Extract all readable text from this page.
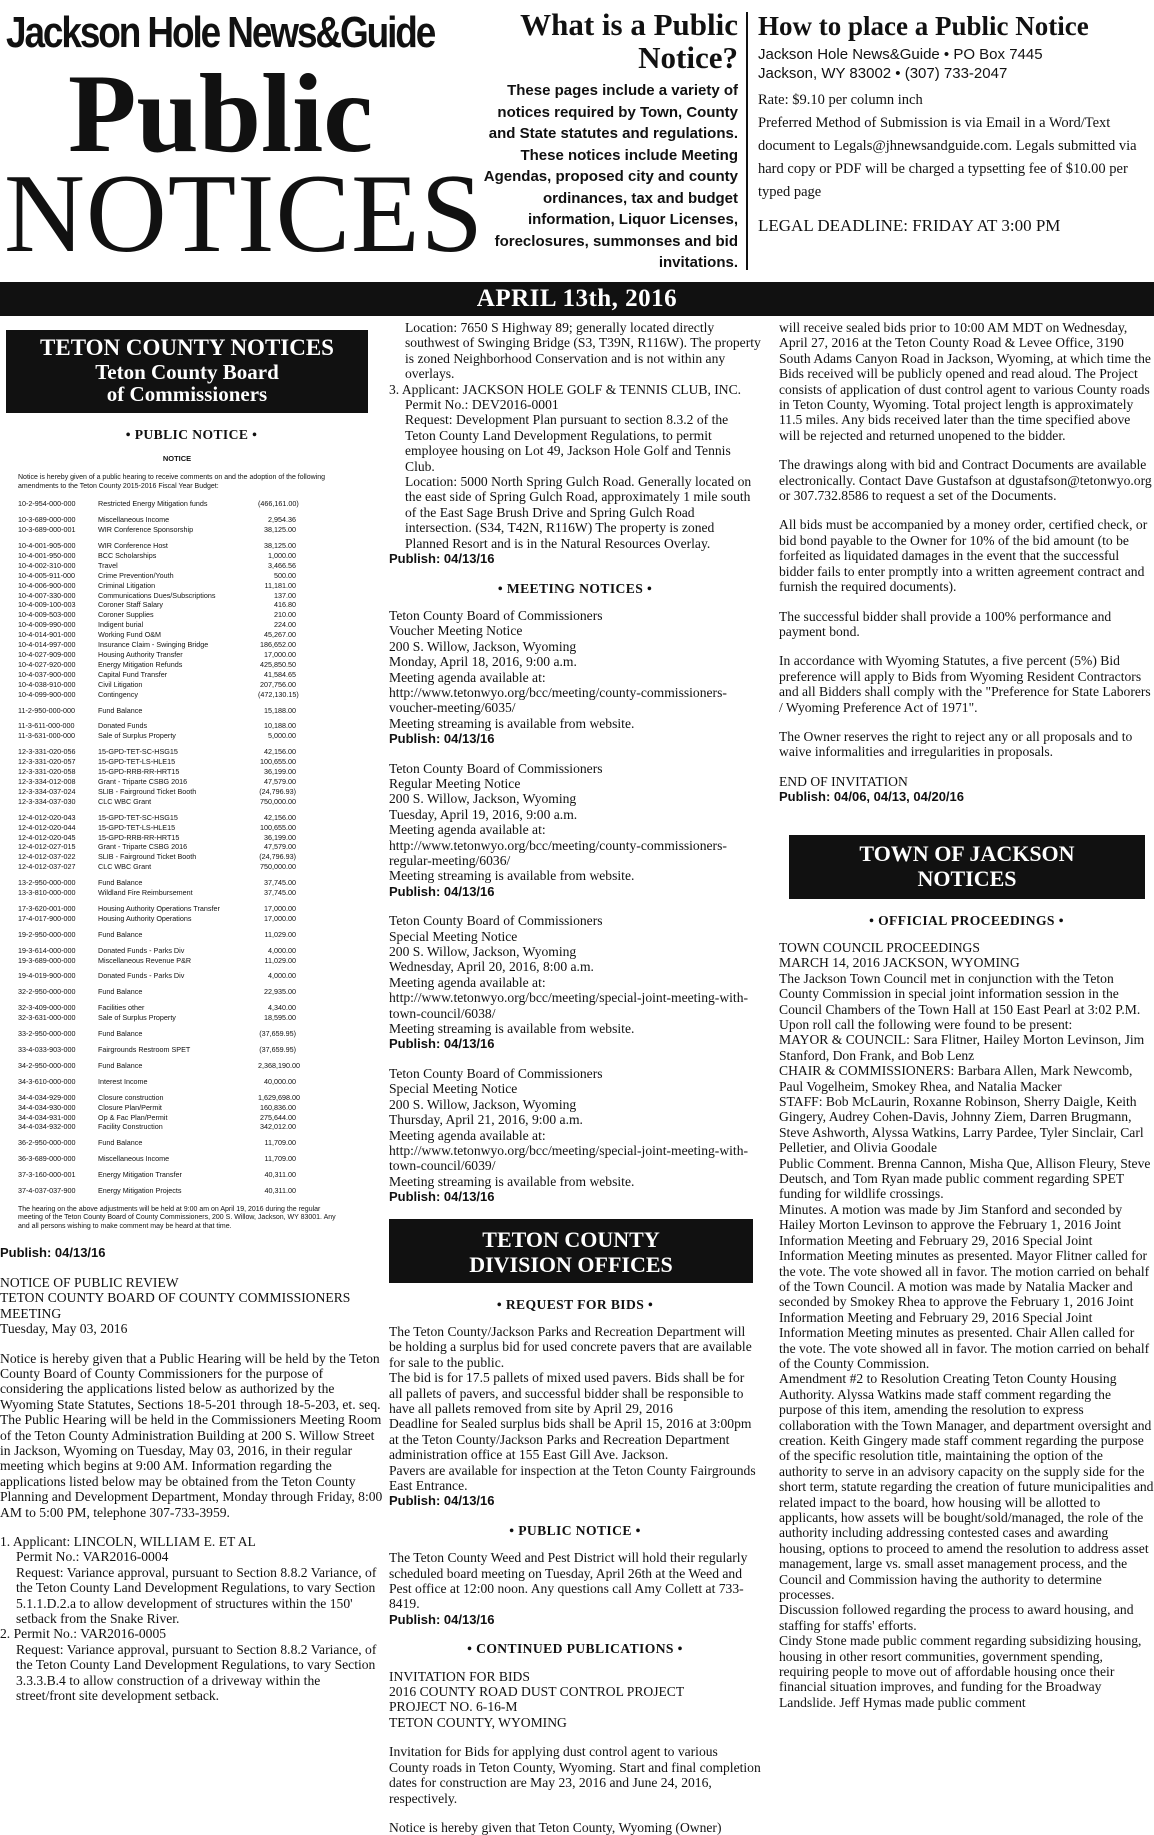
Jackson Hole News&Guide
Public
NOTICES
What is a Public Notice?
These pages include a variety of notices required by Town, County and State statutes and regulations. These notices include Meeting Agendas, proposed city and county ordinances, tax and budget information, Liquor Licenses, foreclosures, summonses and bid invitations.
How to place a Public Notice
Jackson Hole News&Guide • PO Box 7445
Jackson, WY 83002 • (307) 733-2047
Rate: $9.10 per column inch
Preferred Method of Submission is via Email in a Word/Text document to Legals@jhnewsandguide.com. Legals submitted via hard copy or PDF will be charged a typsetting fee of $10.00 per typed page
LEGAL DEADLINE: FRIDAY AT 3:00 PM
APRIL 13th, 2016
TETON COUNTY NOTICES
Teton County Board
of Commissioners
• PUBLIC NOTICE •
NOTICE
Notice is hereby given of a public hearing to receive comments on and the adoption of the following amendments to the Teton County 2015-2016 Fiscal Year Budget:
10-2-954-000-000	Restricted Energy Mitigation funds	(466,161.00)
10-3-689-000-000	Miscellaneous Income	2,954.36
10-3-689-000-001	WIR Conference Sponsorship	38,125.00
10-4-001-905-000	WIR Conference Host	38,125.00
10-4-001-950-000	BCC Scholarships	1,000.00
10-4-002-310-000	Travel	3,466.56
10-4-005-911-000	Crime Prevention/Youth	500.00
10-4-006-900-000	Criminal Litigation	11,181.00
10-4-007-330-000	Communications Dues/Subscriptions	137.00
10-4-009-100-003	Coroner Staff Salary	416.80
10-4-009-503-000	Coroner Supplies	210.00
10-4-009-990-000	Indigent burial	224.00
10-4-014-901-000	Working Fund O&M	45,267.00
10-4-014-997-000	Insurance Claim - Swinging Bridge	186,652.00
10-4-027-909-000	Housing Authority Transfer	17,000.00
10-4-027-920-000	Energy Mitigation Refunds	425,850.50
10-4-037-900-000	Capital Fund Transfer	41,584.65
10-4-038-910-000	Civil Litigation	207,756.00
10-4-099-900-000	Contingency	(472,130.15)
11-2-950-000-000	Fund Balance	15,188.00
11-3-611-000-000	Donated Funds	10,188.00
11-3-631-000-000	Sale of Surplus Property	5,000.00
12-3-331-020-056	15-GPD-TET-SC-HSG15	42,156.00
12-3-331-020-057	15-GPD-TET-LS-HLE15	100,655.00
12-3-331-020-058	15-GPD-RRB-RR-HRT15	36,199.00
12-3-334-012-008	Grant - Triparte CSBG 2016	47,579.00
12-3-334-037-024	SLIB - Fairground Ticket Booth	(24,796.93)
12-3-334-037-030	CLC WBC Grant	750,000.00
12-4-012-020-043	15-GPD-TET-SC-HSG15	42,156.00
12-4-012-020-044	15-GPD-TET-LS-HLE15	100,655.00
12-4-012-020-045	15-GPD-RRB-RR-HRT15	36,199.00
12-4-012-027-015	Grant - Triparte CSBG 2016	47,579.00
12-4-012-037-022	SLIB - Fairground Ticket Booth	(24,796.93)
12-4-012-037-027	CLC WBC Grant	750,000.00
13-2-950-000-000	Fund Balance	37,745.00
13-3-810-000-000	Wildland Fire Reimbursement	37,745.00
17-3-620-001-000	Housing Authority Operations Transfer	17,000.00
17-4-017-900-000	Housing Authority Operations	17,000.00
19-2-950-000-000	Fund Balance	11,029.00
19-3-614-000-000	Donated Funds - Parks Div	4,000.00
19-3-689-000-000	Miscellaneous Revenue P&R	11,029.00
19-4-019-900-000	Donated Funds - Parks Div	4,000.00
32-2-950-000-000	Fund Balance	22,935.00
32-3-409-000-000	Facilities other	4,340.00
32-3-631-000-000	Sale of Surplus Property	18,595.00
33-2-950-000-000	Fund Balance	(37,659.95)
33-4-033-903-000	Fairgrounds Restroom SPET	(37,659.95)
34-2-950-000-000	Fund Balance	2,368,190.00
34-3-610-000-000	Interest Income	40,000.00
34-4-034-929-000	Closure construction	1,629,698.00
34-4-034-930-000	Closure Plan/Permit	160,836.00
34-4-034-931-000	Op & Fac Plan/Permit	275,644.00
34-4-034-932-000	Facility Construction	342,012.00
36-2-950-000-000	Fund Balance	11,709.00
36-3-689-000-000	Miscellaneous Income	11,709.00
37-3-160-000-001	Energy Mitigation Transfer	40,311.00
37-4-037-037-900	Energy Mitigation Projects	40,311.00
The hearing on the above adjustments will be held at 9:00 am on April 19, 2016 during the regular meeting of the Teton County Board of County Commissioners, 200 S. Willow, Jackson, WY 83001. Any and all persons wishing to make comment may be heard at that time.

Publish: 04/13/16

NOTICE OF PUBLIC REVIEW

TETON COUNTY BOARD OF COUNTY COMMISSIONERS MEETING

Tuesday, May 03, 2016

Notice is hereby given that a Public Hearing will be held by the Teton County Board of County Commissioners for the purpose of considering the applications listed below as authorized by the Wyoming State Statutes, Sections 18-5-201 through 18-5-203, et. seq. The Public Hearing will be held in the Commissioners Meeting Room of the Teton County Administration Building at 200 S. Willow Street in Jackson, Wyoming on Tuesday, May 03, 2016, in their regular meeting which begins at 9:00 AM. Information regarding the applications listed below may be obtained from the Teton County Planning and Development Department, Monday through Friday, 8:00 AM to 5:00 PM, telephone 307-733-3959.

1. Applicant: LINCOLN, WILLIAM E. ET AL

Permit No.: VAR2016-0004

Request: Variance approval, pursuant to Section 8.8.2 Variance, of the Teton County Land Development Regulations, to vary Section 5.1.1.D.2.a to allow development of structures within the 150' setback from the Snake River.

2. Permit No.: VAR2016-0005

Request: Variance approval, pursuant to Section 8.8.2 Variance, of the Teton County Land Development Regulations, to vary Section 3.3.3.B.4 to allow construction of a driveway within the street/front site development setback.

Location: 7650 S Highway 89; generally located directly southwest of Swinging Bridge (S3, T39N, R116W). The property is zoned Neighborhood Conservation and is not within any overlays.

3. Applicant: JACKSON HOLE GOLF & TENNIS CLUB, INC.

Permit No.: DEV2016-0001

Request: Development Plan pursuant to section 8.3.2 of the Teton County Land Development Regulations, to permit employee housing on Lot 49, Jackson Hole Golf and Tennis Club.

Location: 5000 North Spring Gulch Road. Generally located on the east side of Spring Gulch Road, approximately 1 mile south of the East Sage Brush Drive and Spring Gulch Road intersection. (S34, T42N, R116W) The property is zoned Planned Resort and is in the Natural Resources Overlay.

Publish: 04/13/16

• MEETING NOTICES •

Teton County Board of Commissioners

Voucher Meeting Notice

200 S. Willow, Jackson, Wyoming

Monday, April 18, 2016, 9:00 a.m.

Meeting agenda available at: http://www.tetonwyo.org/bcc/meeting/county-commissioners-voucher-meeting/6035/

Meeting streaming is available from website.

Publish: 04/13/16

Teton County Board of Commissioners

Regular Meeting Notice

200 S. Willow, Jackson, Wyoming

Tuesday, April 19, 2016, 9:00 a.m.

Meeting agenda available at: http://www.tetonwyo.org/bcc/meeting/county-commissioners-regular-meeting/6036/

Meeting streaming is available from website.

Publish: 04/13/16

Teton County Board of Commissioners

Special Meeting Notice

200 S. Willow, Jackson, Wyoming

Wednesday, April 20, 2016, 8:00 a.m.

Meeting agenda available at: http://www.tetonwyo.org/bcc/meeting/special-joint-meeting-with-town-council/6038/

Meeting streaming is available from website.

Publish: 04/13/16

Teton County Board of Commissioners

Special Meeting Notice

200 S. Willow, Jackson, Wyoming

Thursday, April 21, 2016, 9:00 a.m.

Meeting agenda available at: http://www.tetonwyo.org/bcc/meeting/special-joint-meeting-with-town-council/6039/

Meeting streaming is available from website.

Publish: 04/13/16

TETON COUNTY
DIVISION OFFICES
• REQUEST FOR BIDS •

The Teton County/Jackson Parks and Recreation Department will be holding a surplus bid for used concrete pavers that are available for sale to the public.

The bid is for 17.5 pallets of mixed used pavers. Bids shall be for all pallets of pavers, and successful bidder shall be responsible to have all pallets removed from site by April 29, 2016

Deadline for Sealed surplus bids shall be April 15, 2016 at 3:00pm at the Teton County/Jackson Parks and Recreation Department administration office at 155 East Gill Ave. Jackson.

Pavers are available for inspection at the Teton County Fairgrounds East Entrance.

Publish: 04/13/16

• PUBLIC NOTICE •

The Teton County Weed and Pest District will hold their regularly scheduled board meeting on Tuesday, April 26th at the Weed and Pest office at 12:00 noon. Any questions call Amy Collett at 733-8419.

Publish: 04/13/16

• CONTINUED PUBLICATIONS •

INVITATION FOR BIDS

2016 COUNTY ROAD DUST CONTROL PROJECT

PROJECT NO. 6-16-M

TETON COUNTY, WYOMING

Invitation for Bids for applying dust control agent to various County roads in Teton County, Wyoming. Start and final completion dates for construction are May 23, 2016 and June 24, 2016, respectively.

Notice is hereby given that Teton County, Wyoming (Owner)

will receive sealed bids prior to 10:00 AM MDT on Wednesday, April 27, 2016 at the Teton County Road & Levee Office, 3190 South Adams Canyon Road in Jackson, Wyoming, at which time the Bids received will be publicly opened and read aloud. The Project consists of application of dust control agent to various County roads in Teton County, Wyoming. Total project length is approximately 11.5 miles. Any bids received later than the time specified above will be rejected and returned unopened to the bidder.

The drawings along with bid and Contract Documents are available electronically. Contact Dave Gustafson at dgustafson@tetonwyo.org or 307.732.8586 to request a set of the Documents.

All bids must be accompanied by a money order, certified check, or bid bond payable to the Owner for 10% of the bid amount (to be forfeited as liquidated damages in the event that the successful bidder fails to enter promptly into a written agreement contract and furnish the required documents).

The successful bidder shall provide a 100% performance and payment bond.

In accordance with Wyoming Statutes, a five percent (5%) Bid preference will apply to Bids from Wyoming Resident Contractors and all Bidders shall comply with the "Preference for State Laborers / Wyoming Preference Act of 1971".

The Owner reserves the right to reject any or all proposals and to waive informalities and irregularities in proposals.

END OF INVITATION

Publish: 04/06, 04/13, 04/20/16

TOWN OF JACKSON
NOTICES
• OFFICIAL PROCEEDINGS •

TOWN COUNCIL PROCEEDINGS

MARCH 14, 2016 JACKSON, WYOMING

The Jackson Town Council met in conjunction with the Teton County Commission in special joint information session in the Council Chambers of the Town Hall at 150 East Pearl at 3:02 P.M. Upon roll call the following were found to be present:

MAYOR & COUNCIL: Sara Flitner, Hailey Morton Levinson, Jim Stanford, Don Frank, and Bob Lenz

CHAIR & COMMISSIONERS: Barbara Allen, Mark Newcomb, Paul Vogelheim, Smokey Rhea, and Natalia Macker

STAFF: Bob McLaurin, Roxanne Robinson, Sherry Daigle, Keith Gingery, Audrey Cohen-Davis, Johnny Ziem, Darren Brugmann, Steve Ashworth, Alyssa Watkins, Larry Pardee, Tyler Sinclair, Carl Pelletier, and Olivia Goodale

Public Comment. Brenna Cannon, Misha Que, Allison Fleury, Steve Deutsch, and Tom Ryan made public comment regarding SPET funding for wildlife crossings.

Minutes. A motion was made by Jim Stanford and seconded by Hailey Morton Levinson to approve the February 1, 2016 Joint Information Meeting and February 29, 2016 Special Joint Information Meeting minutes as presented. Mayor Flitner called for the vote. The vote showed all in favor. The motion carried on behalf of the Town Council. A motion was made by Natalia Macker and seconded by Smokey Rhea to approve the February 1, 2016 Joint Information Meeting and February 29, 2016 Special Joint Information Meeting minutes as presented. Chair Allen called for the vote. The vote showed all in favor. The motion carried on behalf of the County Commission.

Amendment #2 to Resolution Creating Teton County Housing Authority. Alyssa Watkins made staff comment regarding the purpose of this item, amending the resolution to express collaboration with the Town Manager, and department oversight and creation. Keith Gingery made staff comment regarding the purpose of the specific resolution title, maintaining the option of the authority to serve in an advisory capacity on the supply side for the short term, statute regarding the creation of future municipalities and related impact to the board, how housing will be allotted to applicants, how assets will be bought/sold/managed, the role of the authority including addressing contested cases and awarding housing, options to proceed to amend the resolution to address asset management, large vs. small asset management process, and the Council and Commission having the authority to determine processes.

Discussion followed regarding the process to award housing, and staffing for staffs' efforts.

Cindy Stone made public comment regarding subsidizing housing, housing in other resort communities, government spending, requiring people to move out of affordable housing once their financial situation improves, and funding for the Broadway Landslide. Jeff Hymas made public comment
